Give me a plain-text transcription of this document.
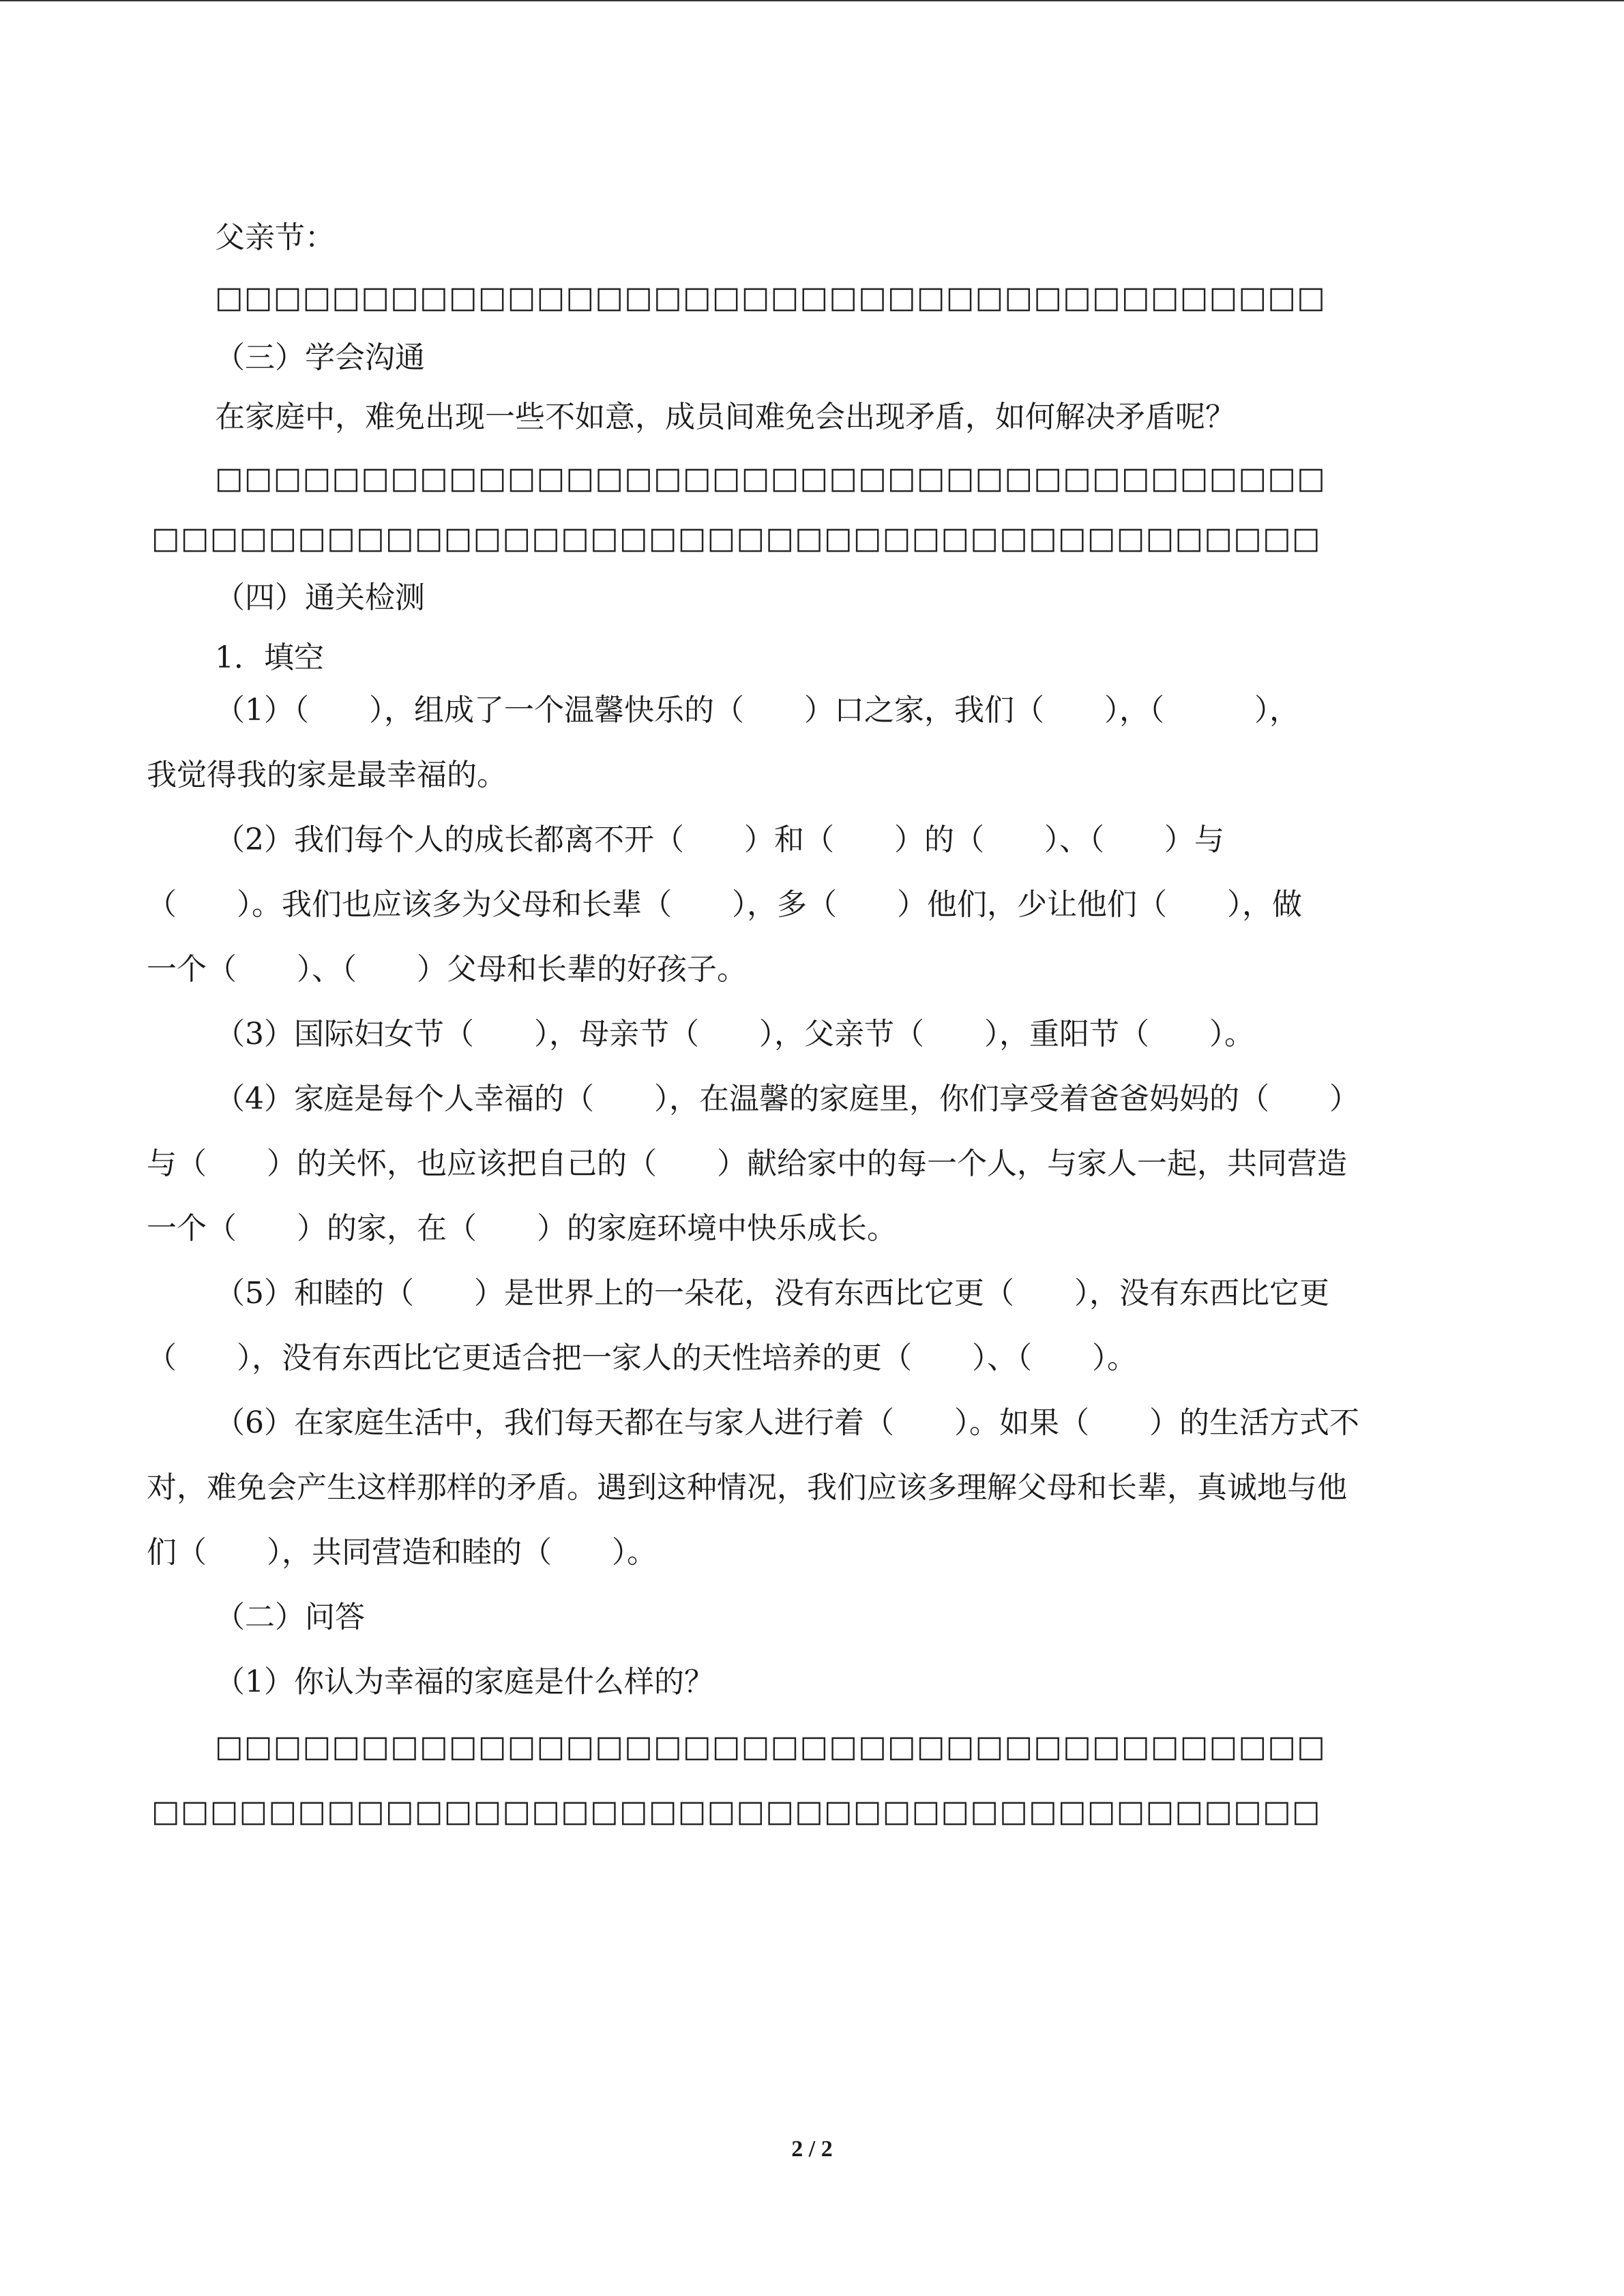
父亲节：
□□□□□□□□□□□□□□□□□□□□□□□□□□□□□□□□□□□□□□
（三）学会沟通
在家庭中，难免出现一些不如意，成员间难免会出现矛盾，如何解决矛盾呢？
□□□□□□□□□□□□□□□□□□□□□□□□□□□□□□□□□□□□□□
□□□□□□□□□□□□□□□□□□□□□□□□□□□□□□□□□□□□□□□□
（四）通关检测
1．填空
（1）（　　），组成了一个温馨快乐的（　　）口之家，我们（　　），（　　　），
我觉得我的家是最幸福的。
（2）我们每个人的成长都离不开（　　）和（　　）的（　　）、（　　）与
（　　）。我们也应该多为父母和长辈（　　），多（　　）他们，少让他们（　　），做
一个（　　）、（　　）父母和长辈的好孩子。
（3）国际妇女节（　　），母亲节（　　），父亲节（　　），重阳节（　　）。
（4）家庭是每个人幸福的（　　），在温馨的家庭里，你们享受着爸爸妈妈的（　　）
与（　　）的关怀，也应该把自己的（　　）献给家中的每一个人，与家人一起，共同营造
一个（　　）的家，在（　　）的家庭环境中快乐成长。
（5）和睦的（　　）是世界上的一朵花，没有东西比它更（　　），没有东西比它更
（　　），没有东西比它更适合把一家人的天性培养的更（　　）、（　　）。
（6）在家庭生活中，我们每天都在与家人进行着（　　）。如果（　　）的生活方式不
对，难免会产生这样那样的矛盾。遇到这种情况，我们应该多理解父母和长辈，真诚地与他
们（　　），共同营造和睦的（　　）。
（二）问答
（1）你认为幸福的家庭是什么样的？
□□□□□□□□□□□□□□□□□□□□□□□□□□□□□□□□□□□□□□
□□□□□□□□□□□□□□□□□□□□□□□□□□□□□□□□□□□□□□□□
2 / 2
